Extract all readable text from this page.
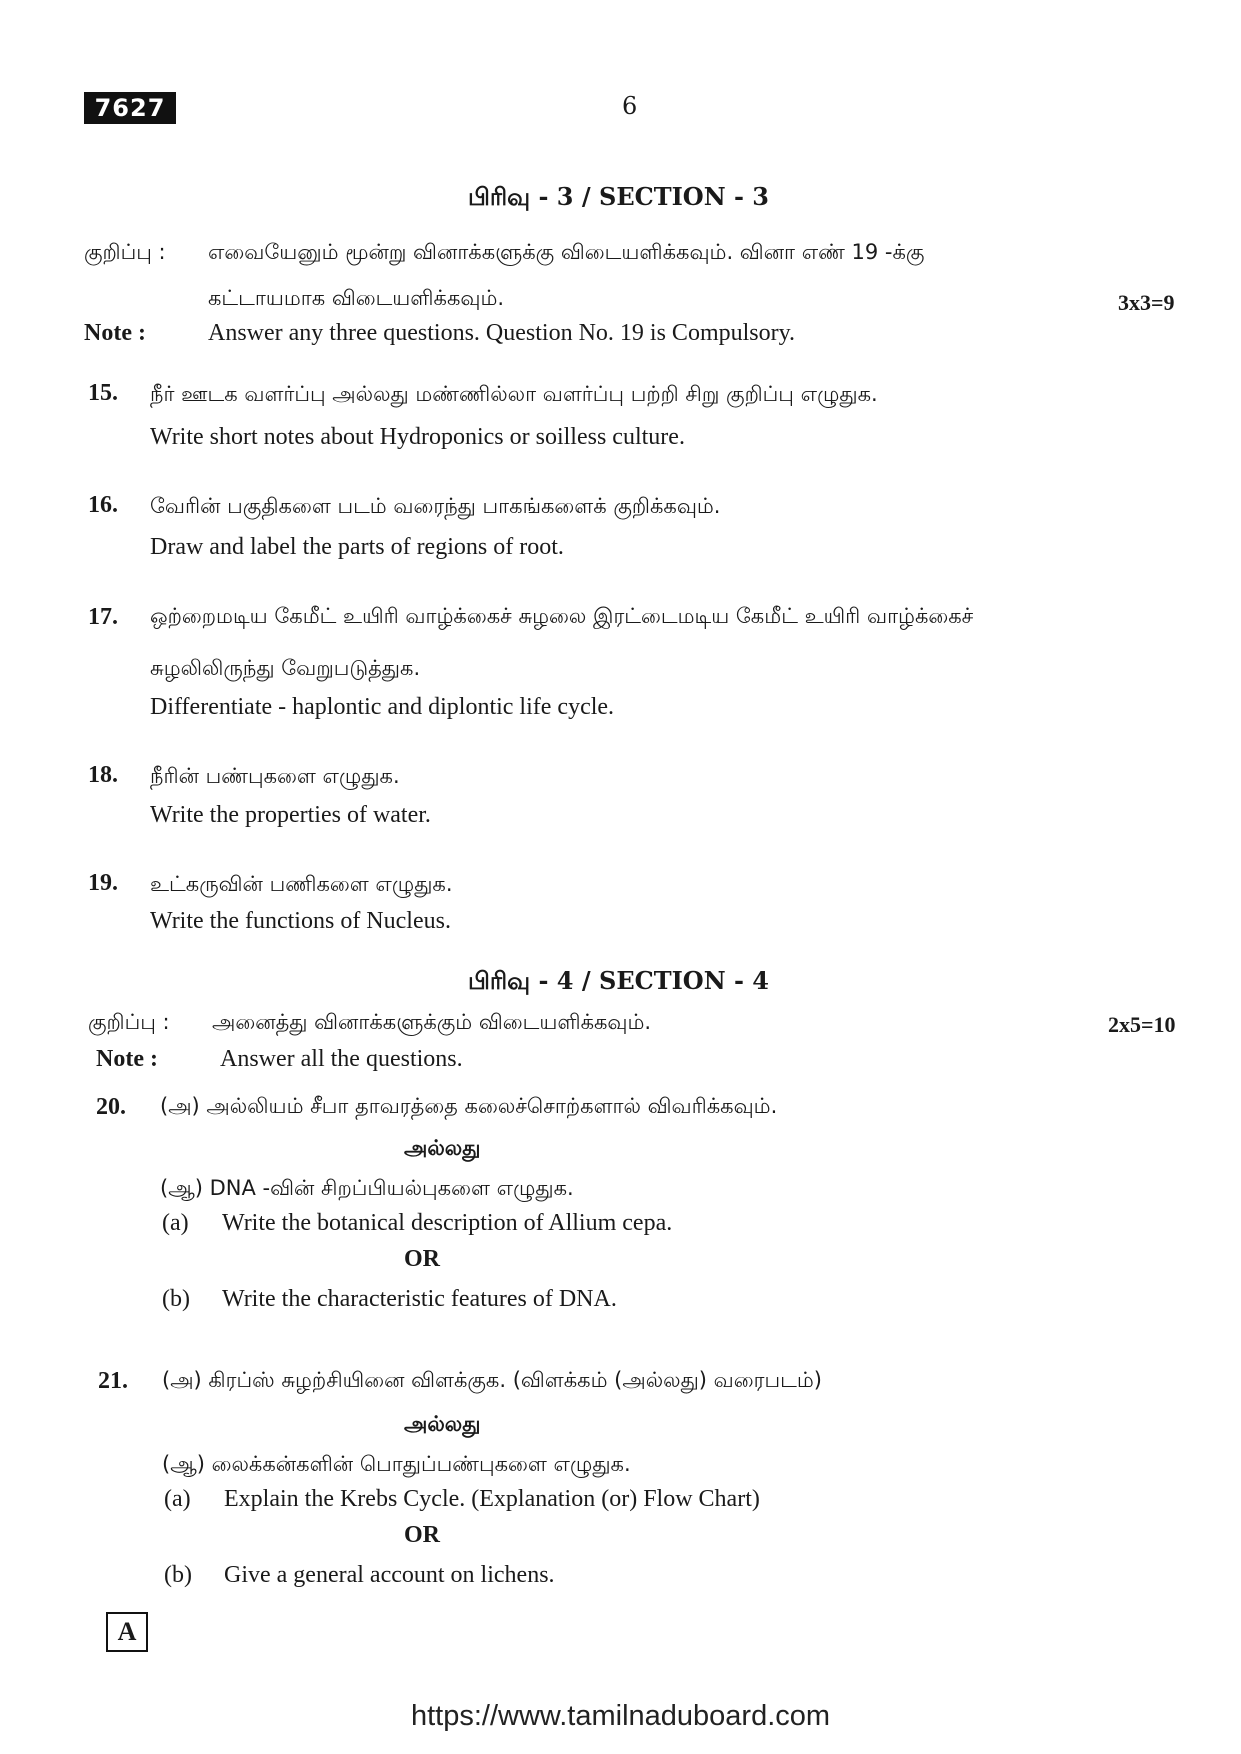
7627	6
பிரிவு - 3 / SECTION - 3
குறிப்பு : எவையேனும் மூன்று வினாக்களுக்கு விடையளிக்கவும். வினா எண் 19 -க்கு
கட்டாயமாக விடையளிக்கவும்.	3x3=9
Note :	Answer any three questions. Question No. 19 is Compulsory.
15. நீர் ஊடக வளர்ப்பு அல்லது மண்ணில்லா வளர்ப்பு பற்றி சிறு குறிப்பு எழுதுக.
Write short notes about Hydroponics or soilless culture.
16. வேரின் பகுதிகளை படம் வரைந்து பாகங்களைக் குறிக்கவும்.
Draw and label the parts of regions of root.
17. ஒற்றைமடிய கேமீட் உயிரி வாழ்க்கைச் சுழலை இரட்டைமடிய கேமீட் உயிரி வாழ்க்கைச்
சுழலிலிருந்து வேறுபடுத்துக.
Differentiate - haplontic and diplontic life cycle.
18. நீரின் பண்புகளை எழுதுக.
Write the properties of water.
19. உட்கருவின் பணிகளை எழுதுக.
Write the functions of Nucleus.
பிரிவு - 4 / SECTION - 4
குறிப்பு : அனைத்து வினாக்களுக்கும் விடையளிக்கவும்.	2x5=10
Note :	Answer all the questions.
20. (அ) அல்லியம் சீபா தாவரத்தை கலைச்சொற்களால் விவரிக்கவும்.
அல்லது
(ஆ) DNA -வின் சிறப்பியல்புகளை எழுதுக.
(a) Write the botanical description of Allium cepa.
OR
(b) Write the characteristic features of DNA.
21. (அ) கிரப்ஸ் சுழற்சியினை விளக்குக. (விளக்கம் (அல்லது) வரைபடம்)
அல்லது
(ஆ) லைக்கன்களின் பொதுப்பண்புகளை எழுதுக.
(a) Explain the Krebs Cycle. (Explanation (or) Flow Chart)
OR
(b) Give a general account on lichens.
A
https://www.tamilnaduboard.com
